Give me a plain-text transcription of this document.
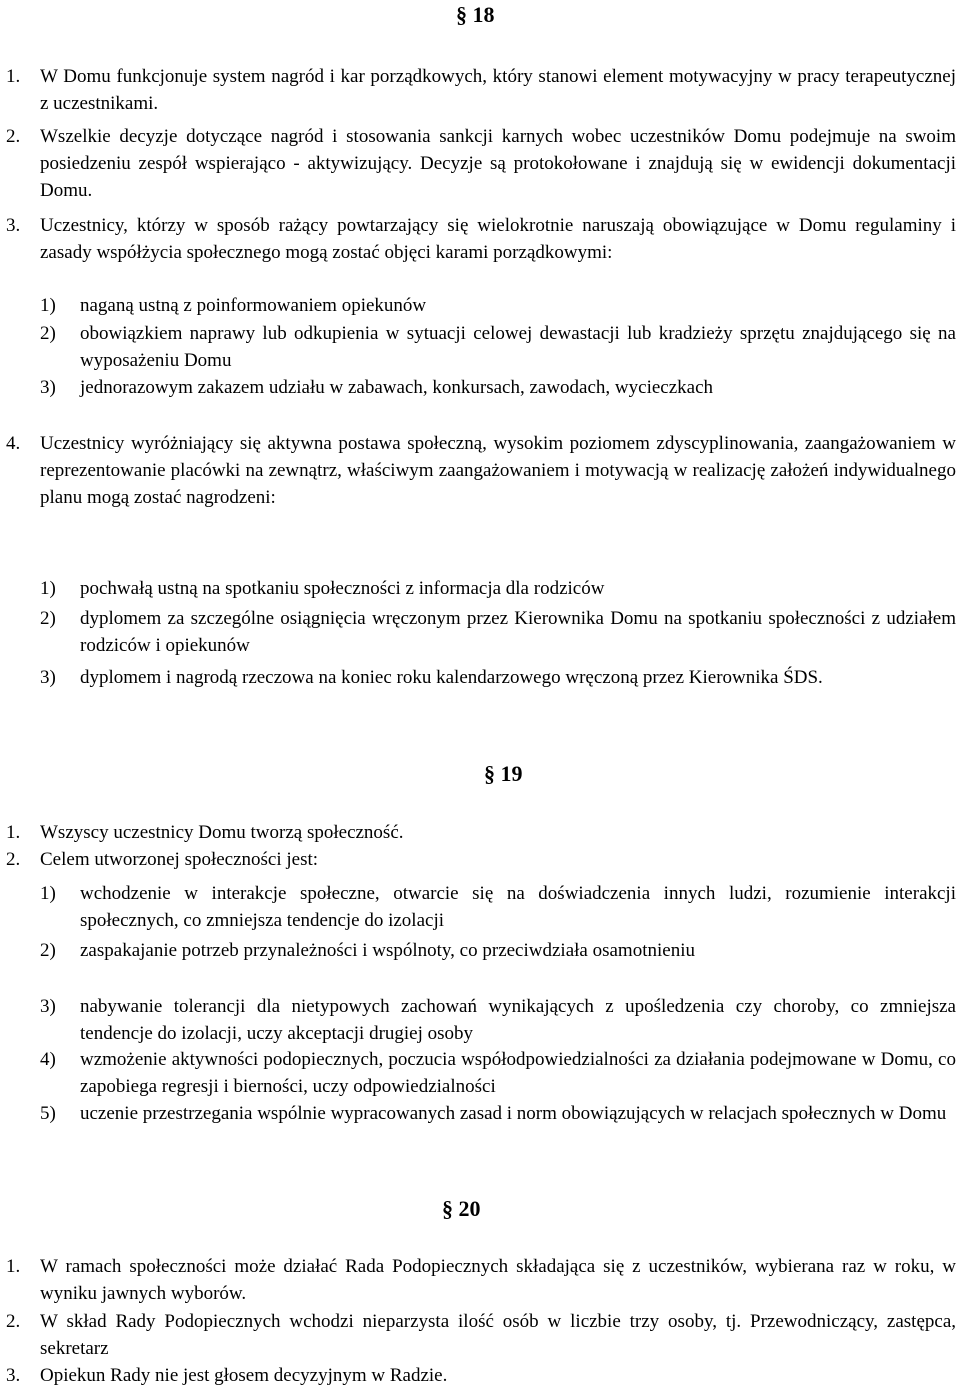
§ 18
1.	W Domu funkcjonuje system nagród i kar porządkowych, który stanowi element motywacyjny w pracy terapeutycznej z uczestnikami.
2.	Wszelkie decyzje dotyczące nagród i stosowania sankcji karnych wobec uczestników Domu podejmuje na swoim posiedzeniu zespół wspierająco - aktywizujący. Decyzje są protokołowane i znajdują się w ewidencji dokumentacji Domu.
3.	Uczestnicy, którzy w sposób rażący powtarzający się wielokrotnie naruszają obowiązujące w Domu regulaminy i zasady współżycia społecznego mogą zostać objęci karami porządkowymi:
1)	naganą ustną z poinformowaniem opiekunów
2)	obowiązkiem naprawy lub odkupienia w sytuacji celowej dewastacji lub kradzieży sprzętu znajdującego się na wyposażeniu Domu
3)	jednorazowym zakazem udziału w zabawach, konkursach, zawodach, wycieczkach
4.	Uczestnicy wyróżniający się aktywna postawa społeczną, wysokim poziomem zdyscyplinowania, zaangażowaniem w reprezentowanie placówki na zewnątrz, właściwym zaangażowaniem i motywacją w realizację założeń indywidualnego planu mogą zostać nagrodzeni:
1)	pochwałą ustną na spotkaniu społeczności z informacja dla rodziców
2)	dyplomem za szczególne osiągnięcia wręczonym przez Kierownika Domu na spotkaniu społeczności z udziałem rodziców i opiekunów
3)	dyplomem i nagrodą rzeczowa na koniec roku kalendarzowego wręczoną przez Kierownika ŚDS.
§ 19
1.	Wszyscy uczestnicy Domu tworzą społeczność.
2.	Celem utworzonej społeczności jest:
1)	wchodzenie w interakcje społeczne, otwarcie się na doświadczenia innych ludzi, rozumienie interakcji społecznych, co zmniejsza tendencje do izolacji
2)	zaspakajanie potrzeb przynależności i wspólnoty, co przeciwdziała osamotnieniu
3)	nabywanie tolerancji dla nietypowych zachowań wynikających z upośledzenia czy choroby, co zmniejsza tendencje do izolacji, uczy akceptacji drugiej osoby
4)	wzmożenie aktywności podopiecznych, poczucia współodpowiedzialności za działania podejmowane w Domu, co zapobiega regresji i bierności, uczy odpowiedzialności
5)	uczenie przestrzegania wspólnie wypracowanych zasad i norm obowiązujących w relacjach społecznych w Domu
§ 20
1.	W ramach społeczności może działać Rada Podopiecznych składająca się z uczestników, wybierana raz w roku, w wyniku jawnych wyborów.
2.	W skład Rady Podopiecznych wchodzi nieparzysta ilość osób w liczbie trzy osoby, tj. Przewodniczący, zastępca, sekretarz
3.	Opiekun Rady nie jest głosem decyzyjnym w Radzie.
